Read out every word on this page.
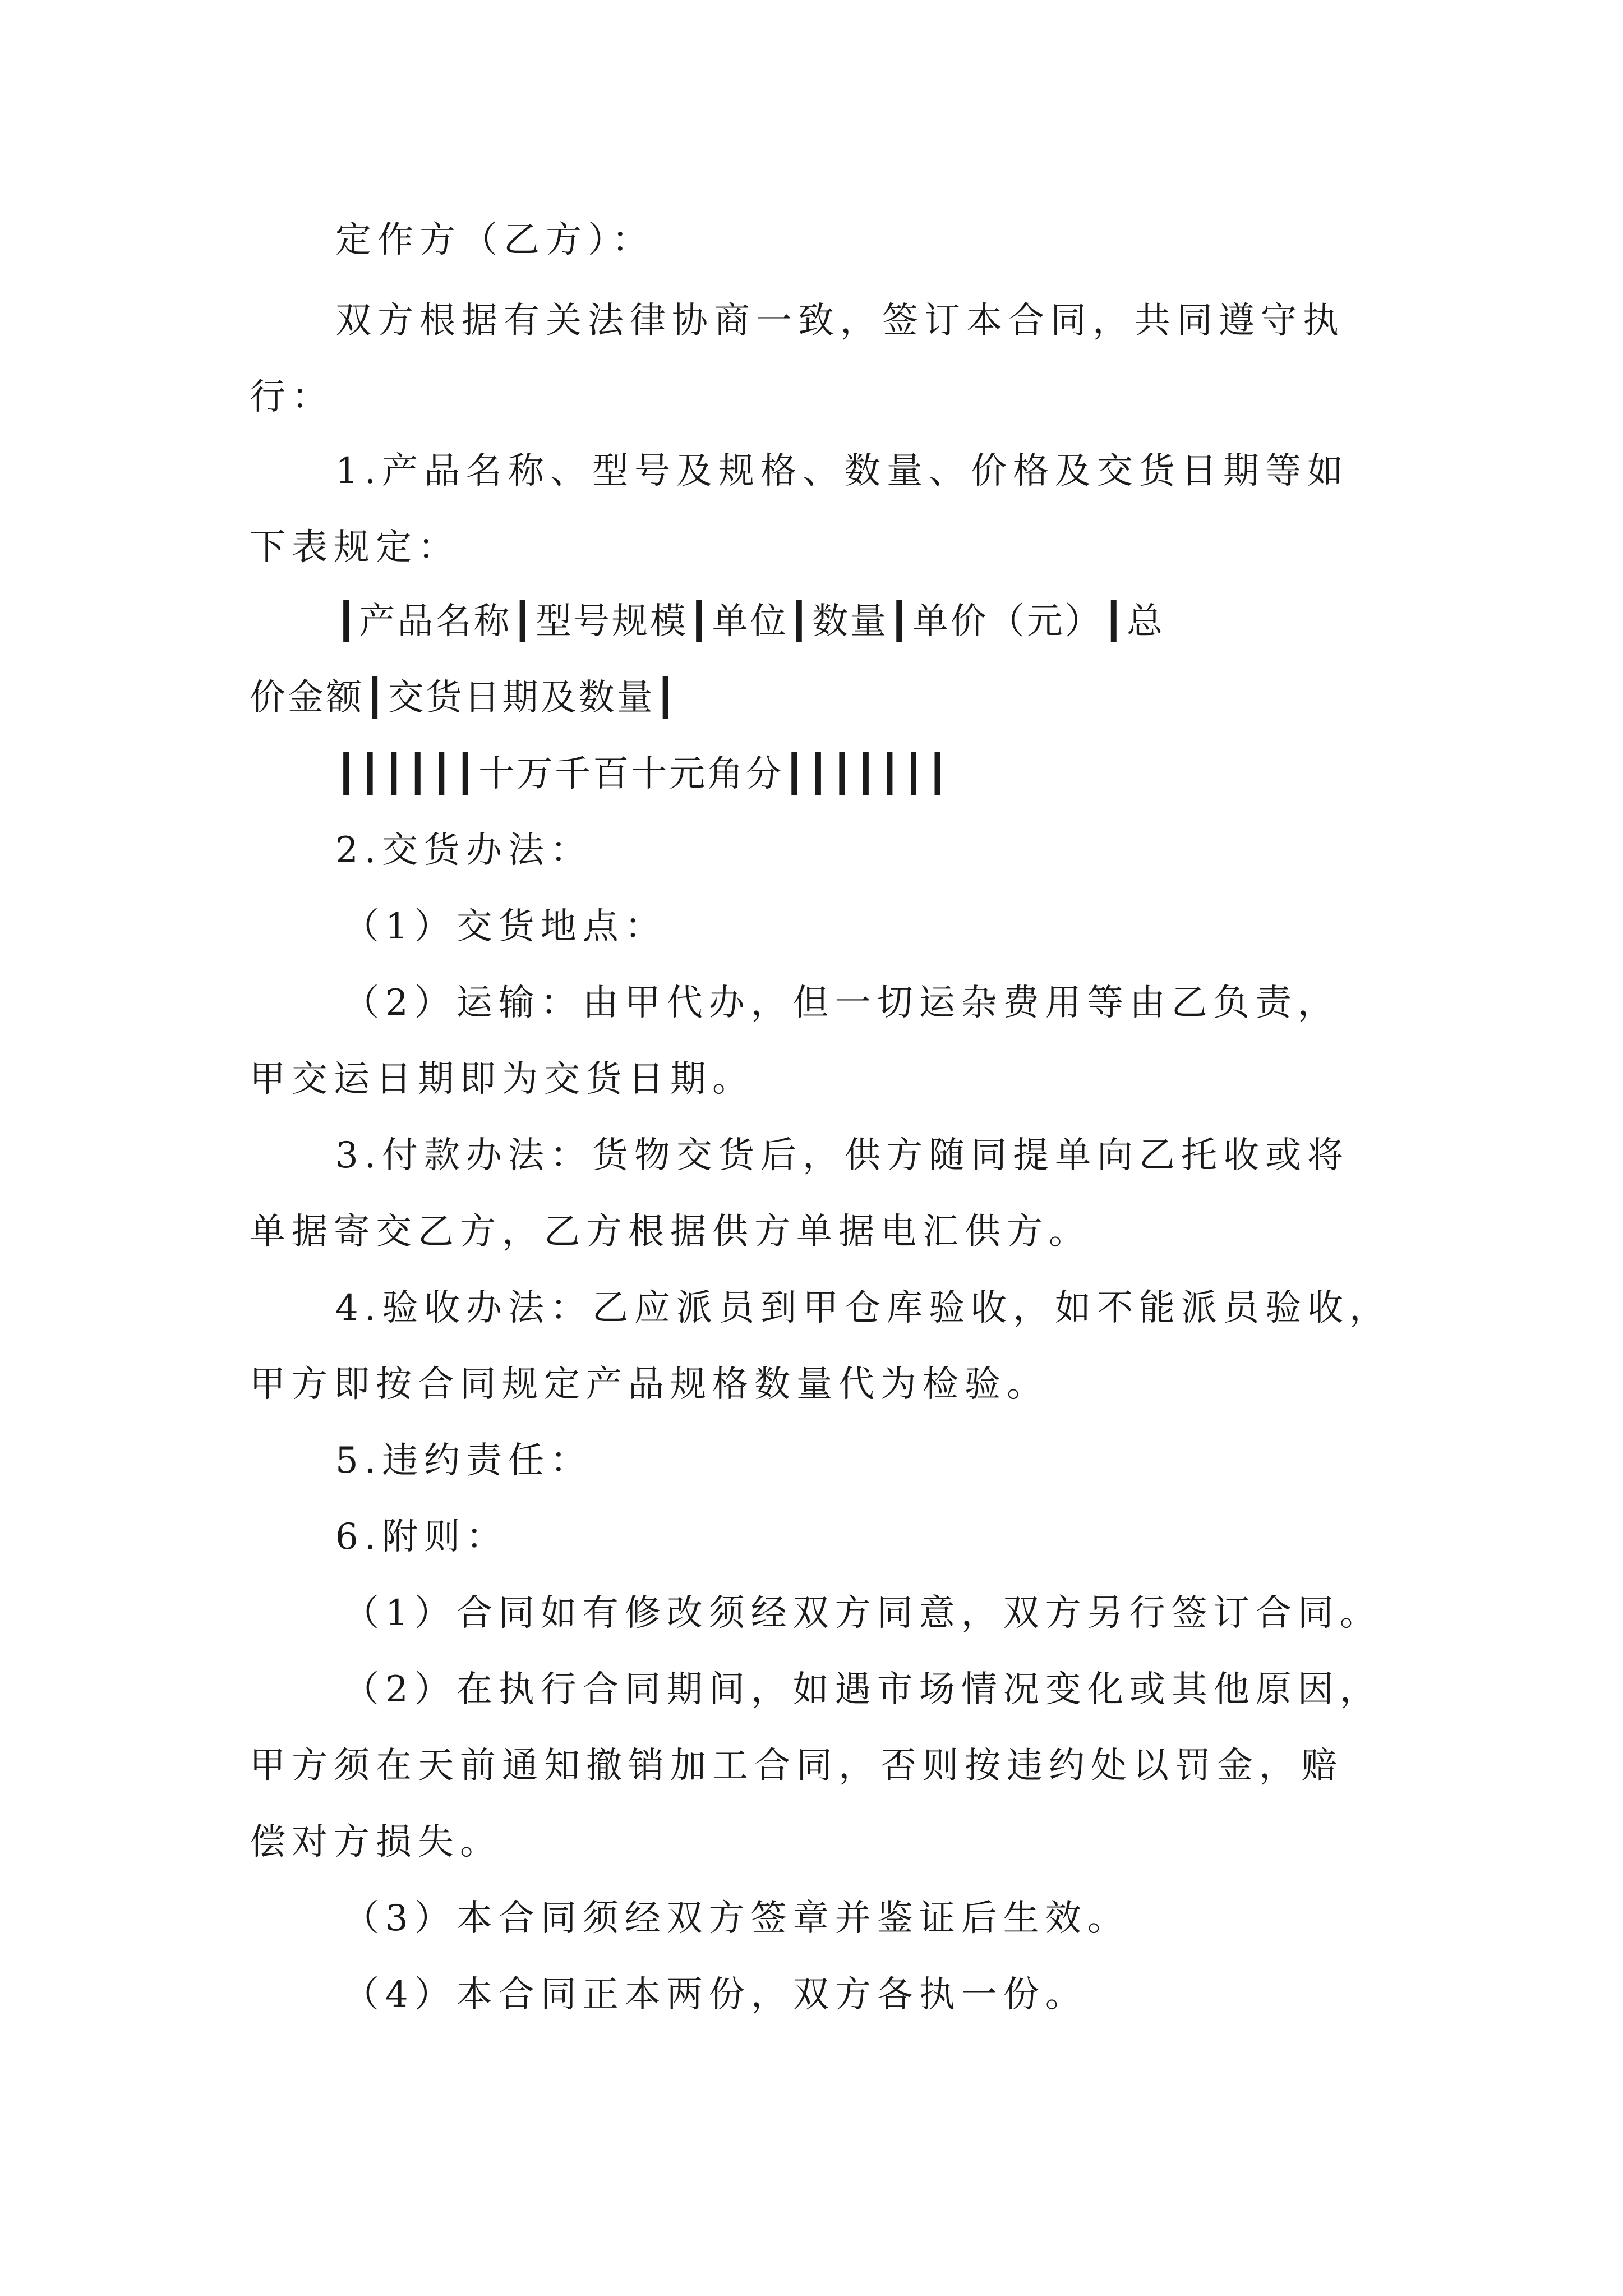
定作方（乙方）：
双方根据有关法律协商一致，签订本合同，共同遵守执
行：
1.产品名称、型号及规格、数量、价格及交货日期等如
下表规定：
┃产品名称┃型号规模┃单位┃数量┃单价（元）┃总
价金额┃交货日期及数量┃
┃┃┃┃┃┃十万千百十元角分┃┃┃┃┃┃┃
2.交货办法：
（1）交货地点：
（2）运输：由甲代办，但一切运杂费用等由乙负责，
甲交运日期即为交货日期。
3.付款办法：货物交货后，供方随同提单向乙托收或将
单据寄交乙方，乙方根据供方单据电汇供方。
4.验收办法：乙应派员到甲仓库验收，如不能派员验收，
甲方即按合同规定产品规格数量代为检验。
5.违约责任：
6.附则：
（1）合同如有修改须经双方同意，双方另行签订合同。
（2）在执行合同期间，如遇市场情况变化或其他原因，
甲方须在天前通知撤销加工合同，否则按违约处以罚金，赔
偿对方损失。
（3）本合同须经双方签章并鉴证后生效。
（4）本合同正本两份，双方各执一份。
